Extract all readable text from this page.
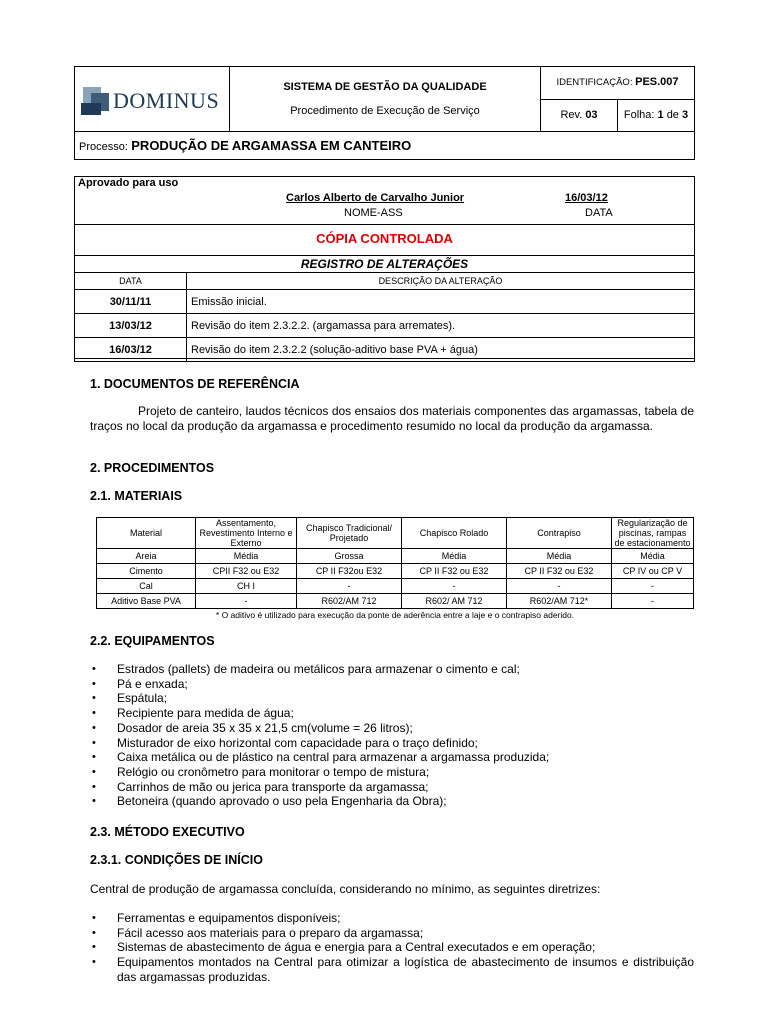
DOMINUS

SISTEMA DE GESTÃO DA QUALIDADE
Procedimento de Execução de Serviço

IDENTIFICAÇÃO: PES.007
Rev. 03	Folha: 1 de 3

Processo: PRODUÇÃO DE ARGAMASSA EM CANTEIRO
Aprovado para uso
Carlos Alberto de Carvalho Junior	16/03/12
NOME-ASS	DATA
CÓPIA CONTROLADA
REGISTRO DE ALTERAÇÕES
DATA	DESCRIÇÃO DA ALTERAÇÃO
30/11/11	Emissão inicial.
13/03/12	Revisão do item 2.3.2.2. (argamassa para arremates).
16/03/12	Revisão do item 2.3.2.2 (solução-aditivo base PVA + água)
1. DOCUMENTOS DE REFERÊNCIA

Projeto de canteiro, laudos técnicos dos ensaios dos materiais componentes das argamassas, tabela de traços no local da produção da argamassa e procedimento resumido no local da produção da argamassa.

2. PROCEDIMENTOS
2.1. MATERIAIS
Material	Assentamento, Revestimento Interno e Externo	Chapisco Tradicional/ Projetado	Chapisco Rolado	Contrapiso	Regularização de piscinas, rampas de estacionamento
Areia	Média	Grossa	Média	Média	Média
Cimento	CPII F32 ou E32	CP II F32ou E32	CP II F32 ou E32	CP II F32 ou E32	CP IV ou CP V
Cal	CH I	-	-	-	-
Aditivo Base PVA	-	R602/AM 712	R602/ AM 712	R602/AM 712*	-
* O aditivo é utilizado para execução da ponte de aderência entre a laje e o contrapiso aderido.
2.2. EQUIPAMENTOS
• Estrados (pallets) de madeira ou metálicos para armazenar o cimento e cal;
• Pá e enxada;
• Espátula;
• Recipiente para medida de água;
• Dosador de areia 35 x 35 x 21,5 cm(volume = 26 litros);
• Misturador de eixo horizontal com capacidade para o traço definido;
• Caixa metálica ou de plástico na central para armazenar a argamassa produzida;
• Relógio ou cronômetro para monitorar o tempo de mistura;
• Carrinhos de mão ou jerica para transporte da argamassa;
• Betoneira (quando aprovado o uso pela Engenharia da Obra);
2.3. MÉTODO EXECUTIVO
2.3.1. CONDIÇÕES DE INÍCIO

Central de produção de argamassa concluída, considerando no mínimo, as seguintes diretrizes:

• Ferramentas e equipamentos disponíveis;
• Fácil acesso aos materiais para o preparo da argamassa;
• Sistemas de abastecimento de água e energia para a Central executados e em operação;
• Equipamentos montados na Central para otimizar a logística de abastecimento de insumos e distribuição das argamassas produzidas.
